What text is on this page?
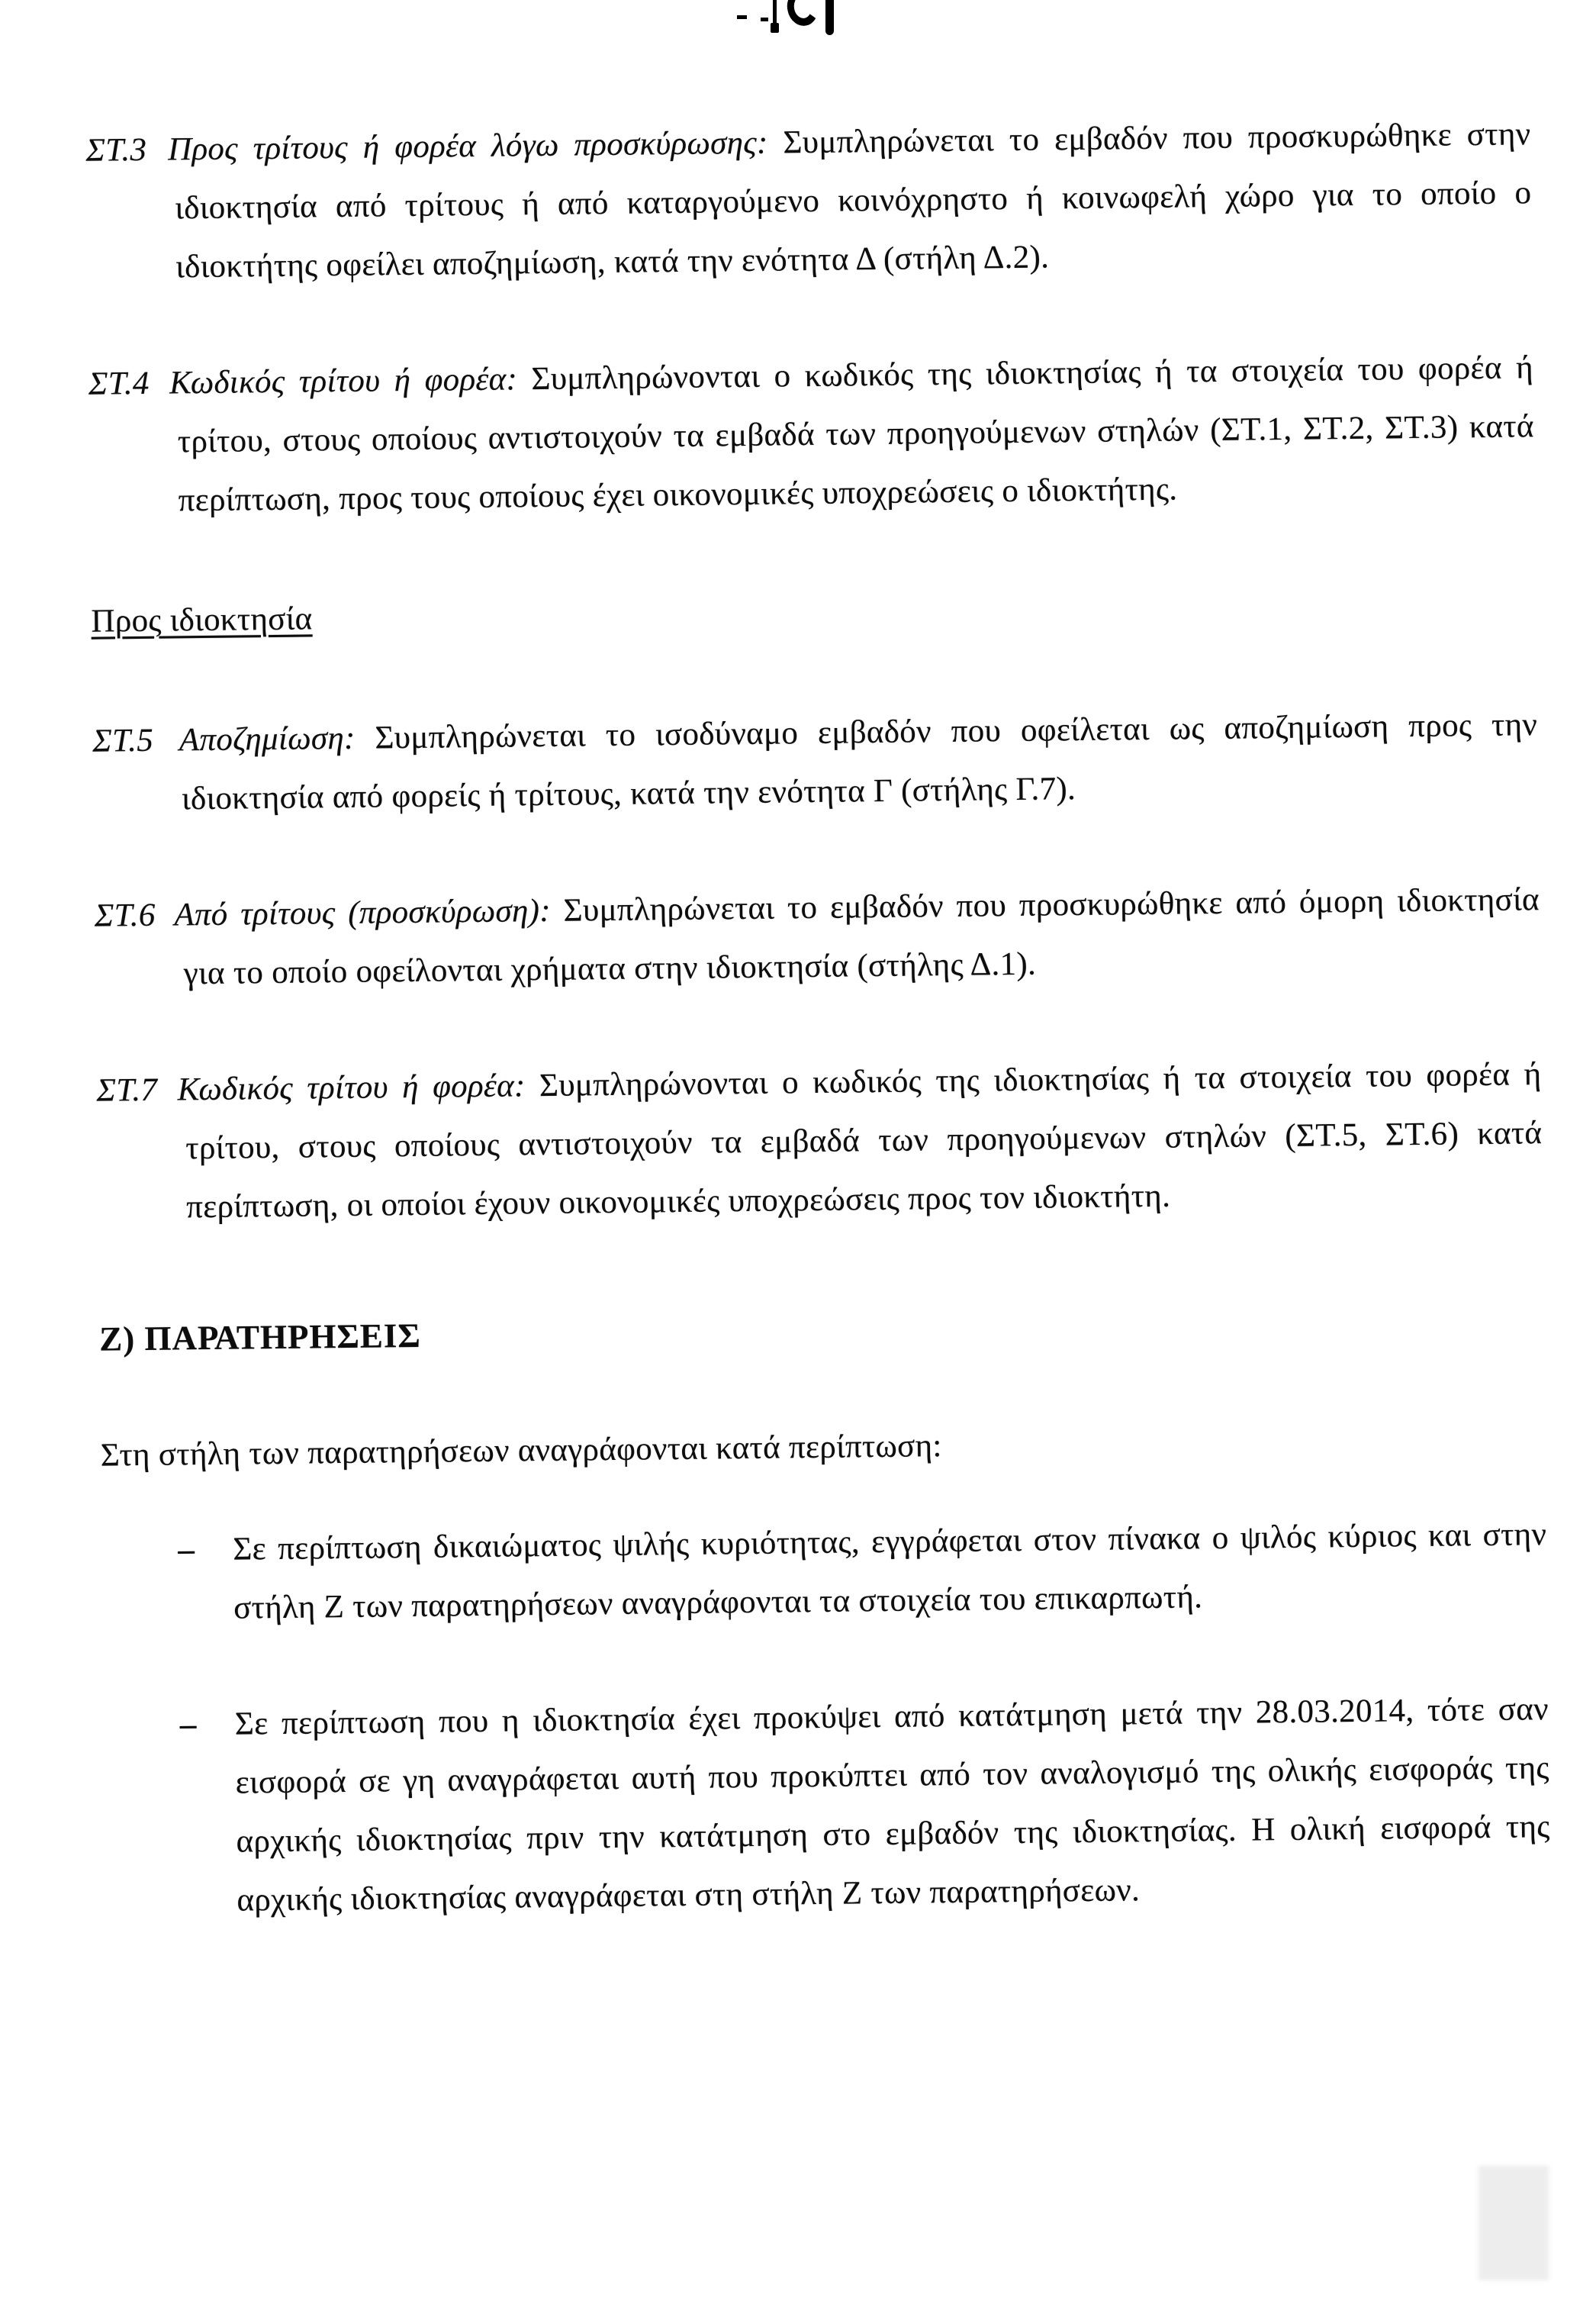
ΣΤ.3 Προς τρίτους ή φορέα λόγω προσκύρωσης: Συμπληρώνεται το εμβαδόν που προσκυρώθηκε στην ιδιοκτησία από τρίτους ή από καταργούμενο κοινόχρηστο ή κοινωφελή χώρο για το οποίο ο ιδιοκτήτης οφείλει αποζημίωση, κατά την ενότητα Δ (στήλη Δ.2).

ΣΤ.4 Κωδικός τρίτου ή φορέα: Συμπληρώνονται ο κωδικός της ιδιοκτησίας ή τα στοιχεία του φορέα ή τρίτου, στους οποίους αντιστοιχούν τα εμβαδά των προηγούμενων στηλών (ΣΤ.1, ΣΤ.2, ΣΤ.3) κατά περίπτωση, προς τους οποίους έχει οικονομικές υποχρεώσεις ο ιδιοκτήτης.

Προς ιδιοκτησία

ΣΤ.5 Αποζημίωση: Συμπληρώνεται το ισοδύναμο εμβαδόν που οφείλεται ως αποζημίωση προς την ιδιοκτησία από φορείς ή τρίτους, κατά την ενότητα Γ (στήλης Γ.7).

ΣΤ.6 Από τρίτους (προσκύρωση): Συμπληρώνεται το εμβαδόν που προσκυρώθηκε από όμορη ιδιοκτησία για το οποίο οφείλονται χρήματα στην ιδιοκτησία (στήλης Δ.1).

ΣΤ.7 Κωδικός τρίτου ή φορέα: Συμπληρώνονται ο κωδικός της ιδιοκτησίας ή τα στοιχεία του φορέα ή τρίτου, στους οποίους αντιστοιχούν τα εμβαδά των προηγούμενων στηλών (ΣΤ.5, ΣΤ.6) κατά περίπτωση, οι οποίοι έχουν οικονομικές υποχρεώσεις προς τον ιδιοκτήτη.

Ζ) ΠΑΡΑΤΗΡΗΣΕΙΣ

Στη στήλη των παρατηρήσεων αναγράφονται κατά περίπτωση:

– Σε περίπτωση δικαιώματος ψιλής κυριότητας, εγγράφεται στον πίνακα ο ψιλός κύριος και στην στήλη Ζ των παρατηρήσεων αναγράφονται τα στοιχεία του επικαρπωτή.
– Σε περίπτωση που η ιδιοκτησία έχει προκύψει από κατάτμηση μετά την 28.03.2014, τότε σαν εισφορά σε γη αναγράφεται αυτή που προκύπτει από τον αναλογισμό της ολικής εισφοράς της αρχικής ιδιοκτησίας πριν την κατάτμηση στο εμβαδόν της ιδιοκτησίας. Η ολική εισφορά της αρχικής ιδιοκτησίας αναγράφεται στη στήλη Ζ των παρατηρήσεων.
